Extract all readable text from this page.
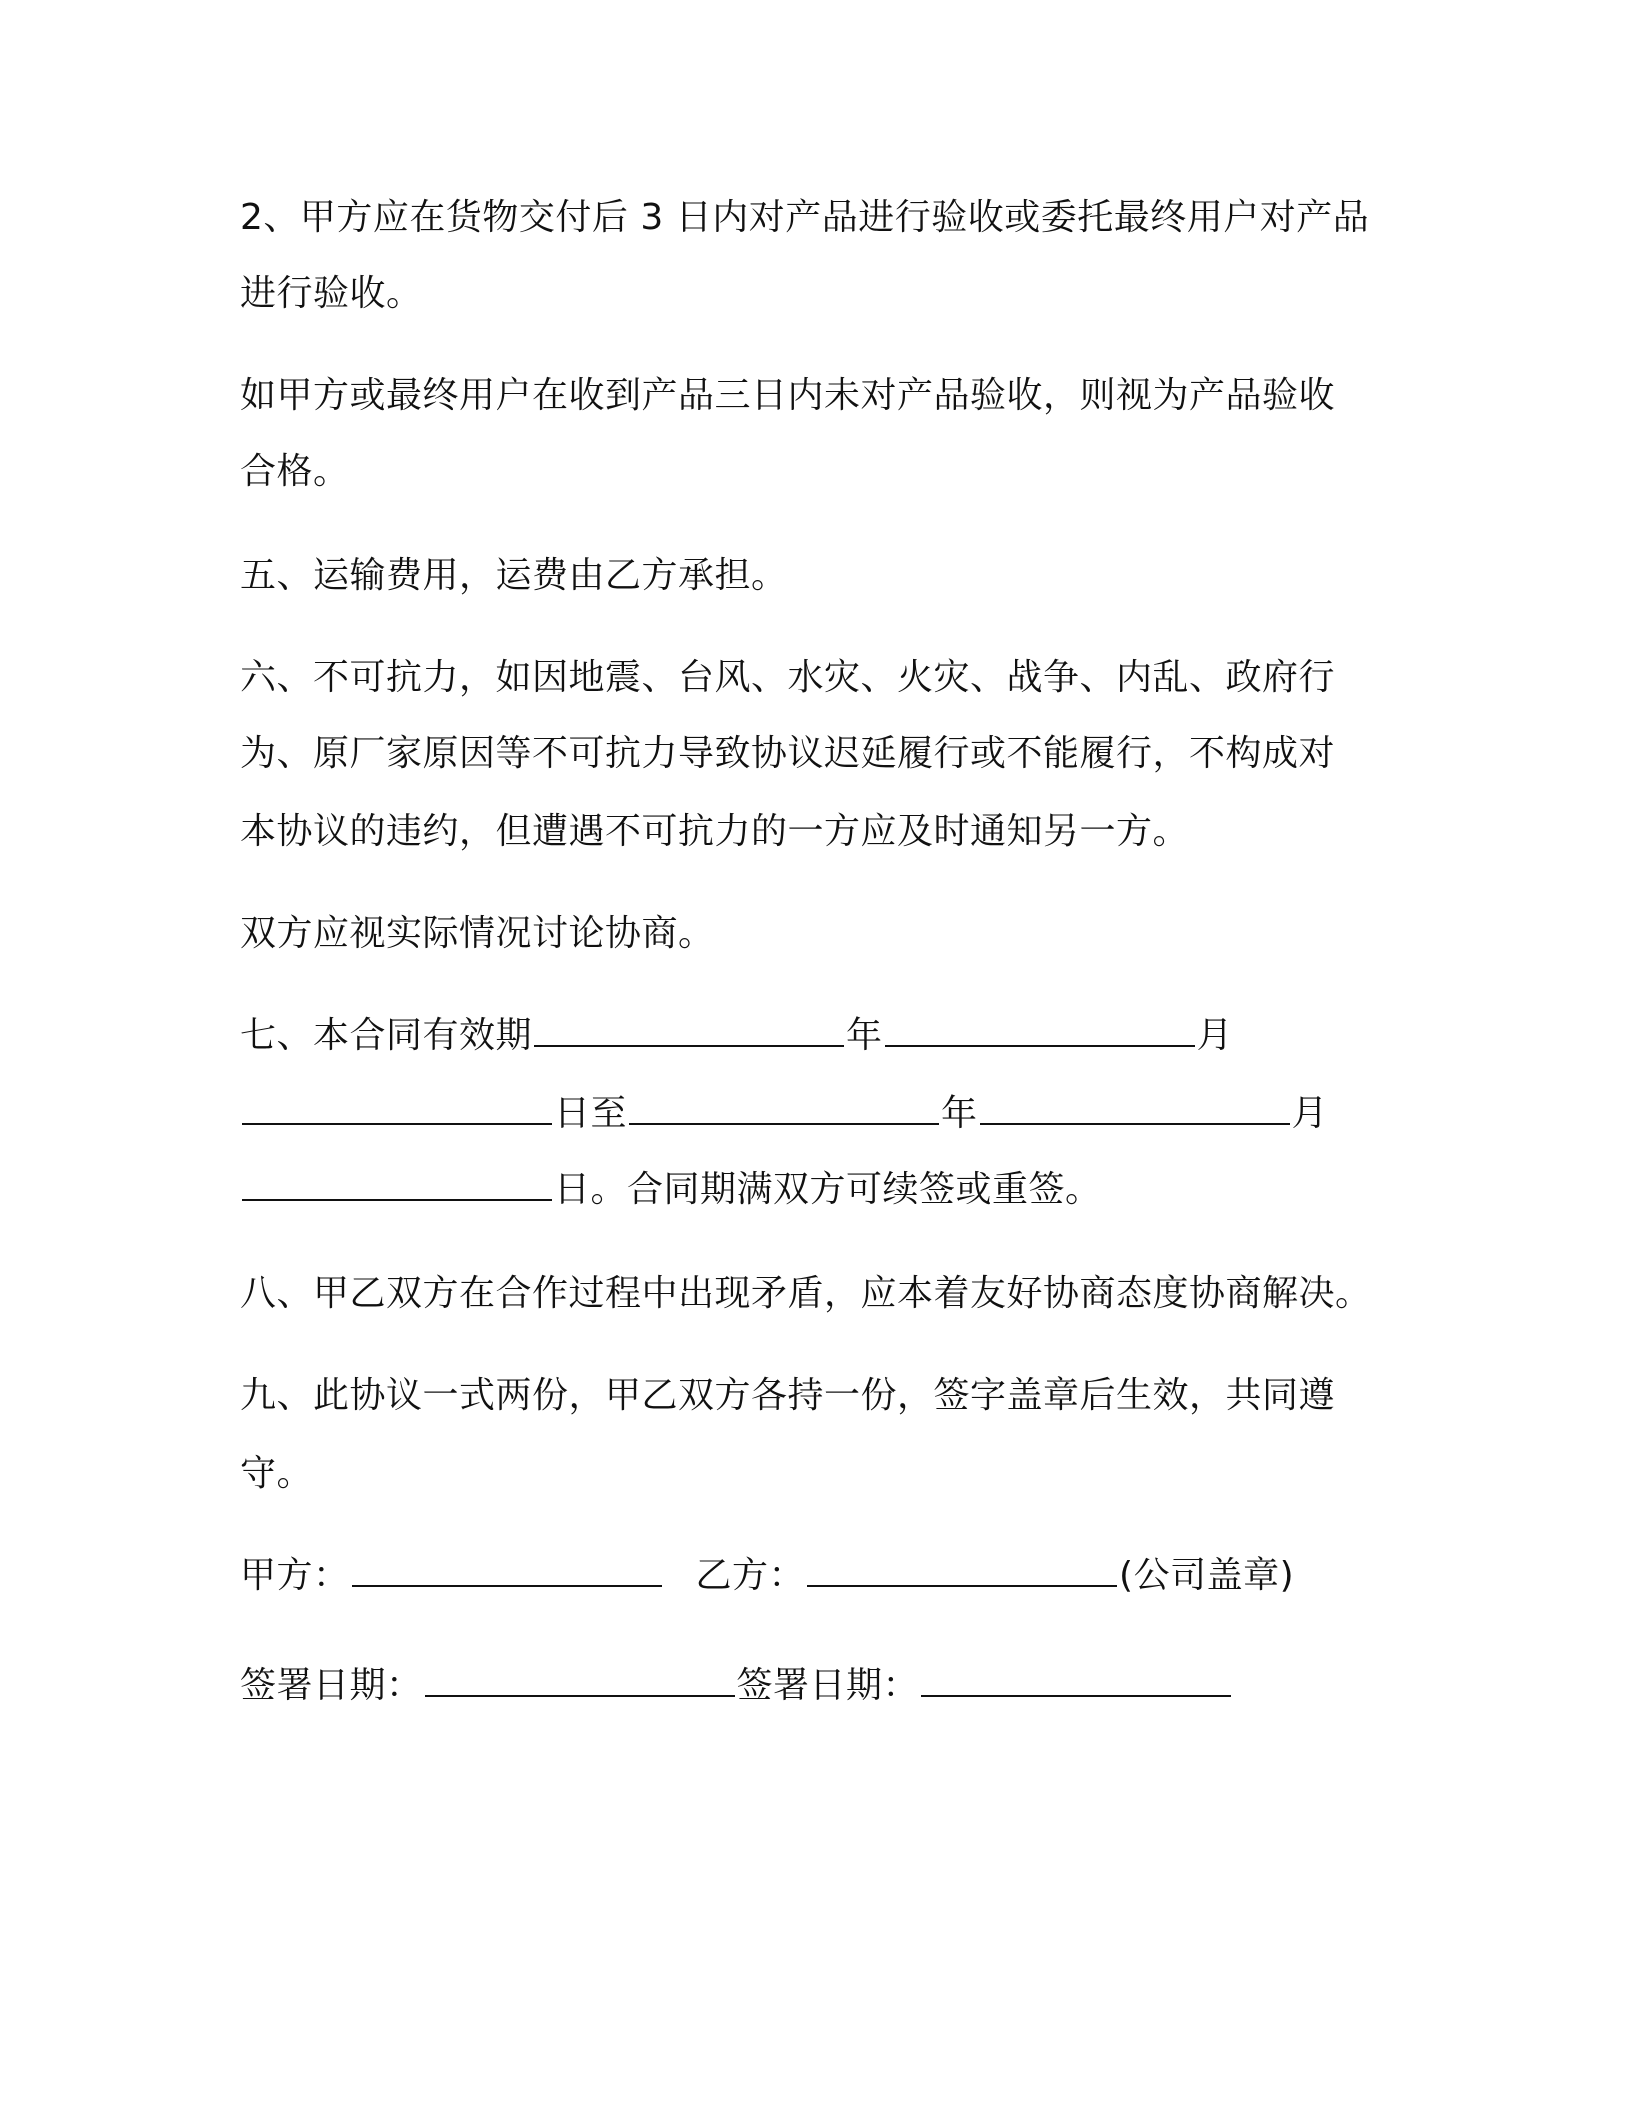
2、甲方应在货物交付后 3 日内对产品进行验收或委托最终用户对产品
进行验收。
如甲方或最终用户在收到产品三日内未对产品验收，则视为产品验收
合格。
五、运输费用，运费由乙方承担。
六、不可抗力，如因地震、台风、水灾、火灾、战争、内乱、政府行
为、原厂家原因等不可抗力导致协议迟延履行或不能履行，不构成对
本协议的违约，但遭遇不可抗力的一方应及时通知另一方。
双方应视实际情况讨论协商。
七、本合同有效期	年	月
日至	年	月
日。合同期满双方可续签或重签。
八、甲乙双方在合作过程中出现矛盾，应本着友好协商态度协商解决。
九、此协议一式两份，甲乙双方各持一份，签字盖章后生效，共同遵
守。
甲方：	乙方：	(公司盖章)
签署日期：	签署日期：
